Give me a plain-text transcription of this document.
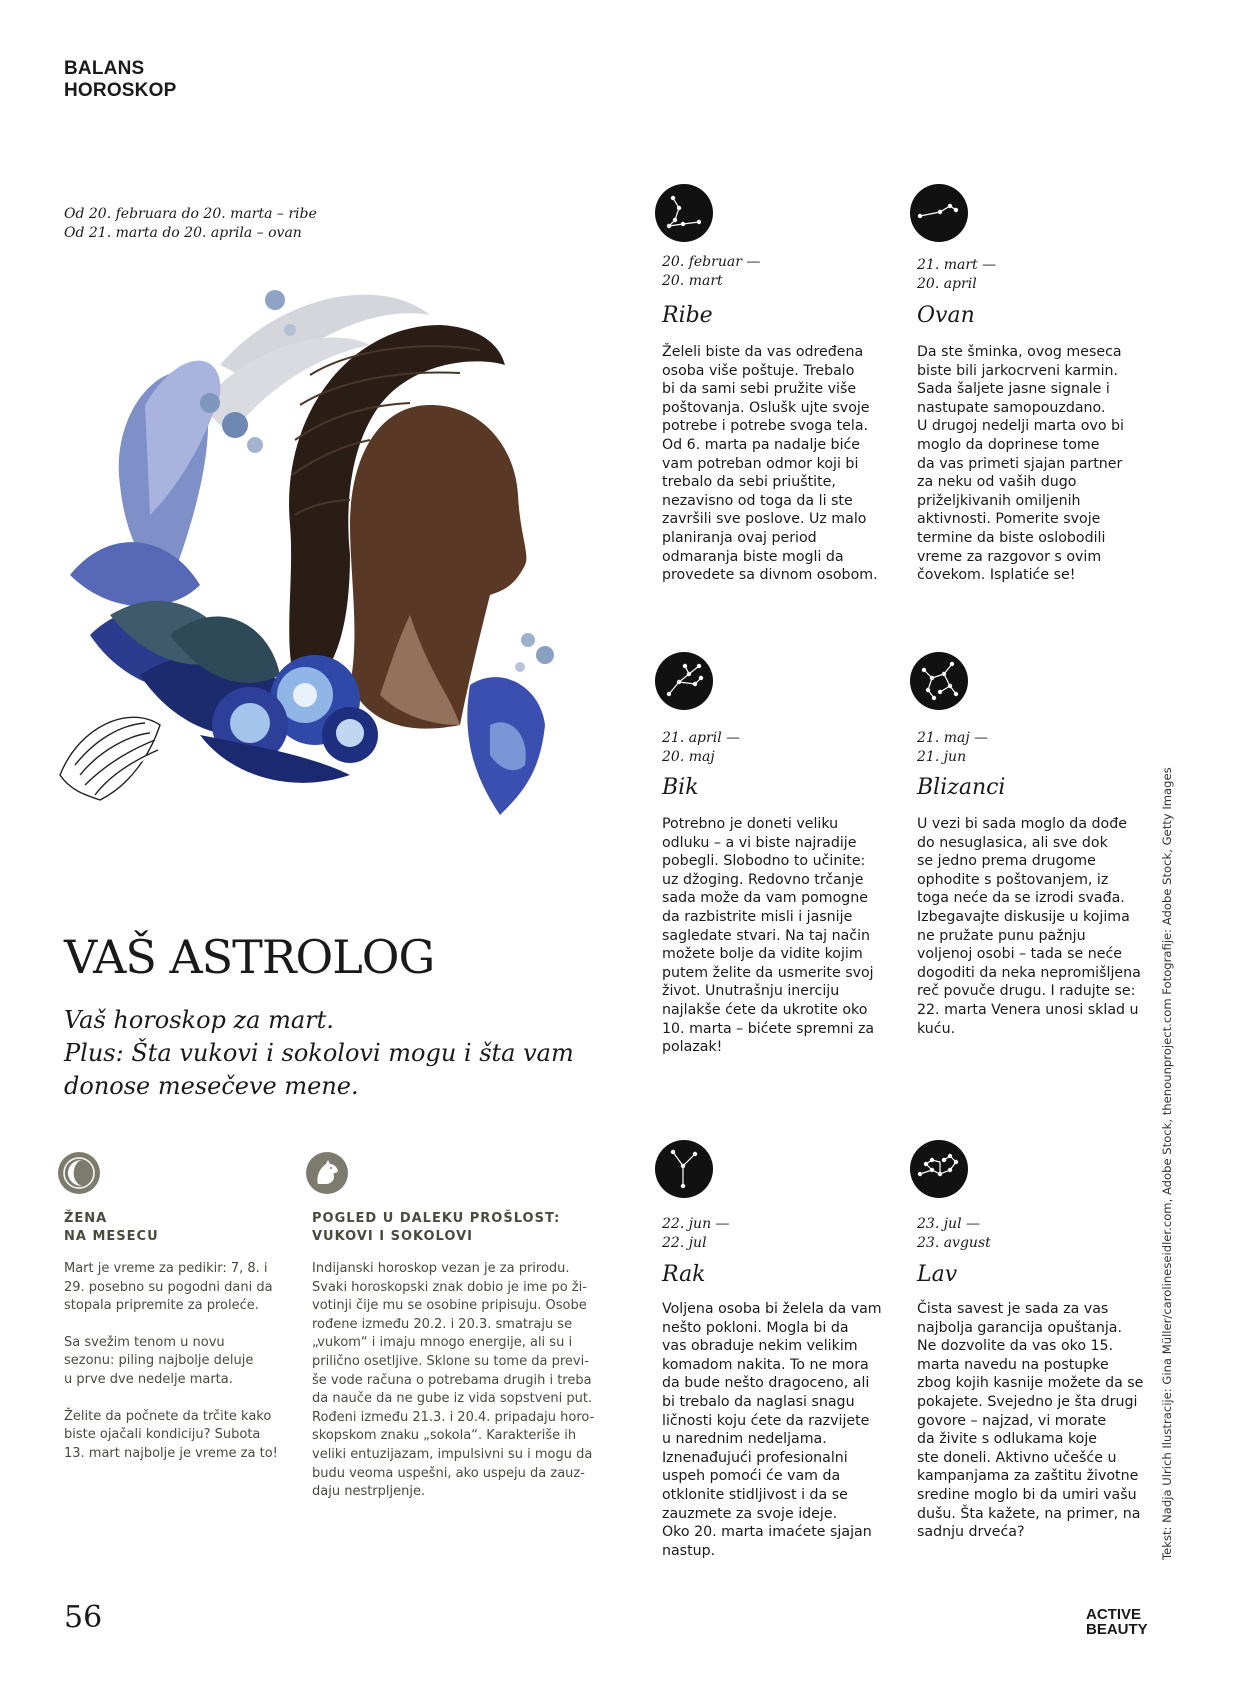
BALANS
HOROSKOP
Od 20. februara do 20. marta – ribe
Od 21. marta do 20. aprila – ovan
VAŠ ASTROLOG
Vaš horoskop za mart.
Plus: Šta vukovi i sokolovi mogu i šta vam
donose mesečeve mene.
ŽENA
NA MESECU

Mart je vreme za pedikir: 7, 8. i
29. posebno su pogodni dani da
stopala pripremite za proleće.

Sa svežim tenom u novu
sezonu: piling najbolje deluje
u prve dve nedelje marta.

Želite da počnete da trčite kako
biste ojačali kondiciju? Subota
13. mart najbolje je vreme za to!

POGLED U DALEKU PROŠLOST:
VUKOVI I SOKOLOVI

Indijanski horoskop vezan je za prirodu.
Svaki horoskopski znak dobio je ime po ži-
votinji čije mu se osobine pripisuju. Osobe
rođene između 20.2. i 20.3. smatraju se
„vukom“ i imaju mnogo energije, ali su i
prilično osetljive. Sklone su tome da previ-
še vode računa o potrebama drugih i treba
da nauče da ne gube iz vida sopstveni put.
Rođeni između 21.3. i 20.4. pripadaju horo-
skopskom znaku „sokola“. Karakteriše ih
veliki entuzijazam, impulsivni su i mogu da
budu veoma uspešni, ako uspeju da zauz-
daju nestrpljenje.

20. februar —
20. mart
Ribe
Želeli biste da vas određena
osoba više poštuje. Trebalo
bi da sami sebi pružite više
poštovanja. Oslušk ujte svoje
potrebe i potrebe svoga tela.
Od 6. marta pa nadalje biće
vam potreban odmor koji bi
trebalo da sebi priuštite,
nezavisno od toga da li ste
završili sve poslove. Uz malo
planiranja ovaj period
odmaranja biste mogli da
provedete sa divnom osobom.
21. mart —
20. april
Ovan
Da ste šminka, ovog meseca
biste bili jarkocrveni karmin.
Sada šaljete jasne signale i
nastupate samopouzdano.
U drugoj nedelji marta ovo bi
moglo da doprinese tome
da vas primeti sjajan partner
za neku od vaših dugo
priželjkivanih omiljenih
aktivnosti. Pomerite svoje
termine da biste oslobodili
vreme za razgovor s ovim
čovekom. Isplatiće se!
21. april —
20. maj
Bik
Potrebno je doneti veliku
odluku – a vi biste najradije
pobegli. Slobodno to učinite:
uz džoging. Redovno trčanje
sada može da vam pomogne
da razbistrite misli i jasnije
sagledate stvari. Na taj način
možete bolje da vidite kojim
putem želite da usmerite svoj
život. Unutrašnju inerciju
najlakše ćete da ukrotite oko
10. marta – bićete spremni za
polazak!
21. maj —
21. jun
Blizanci
U vezi bi sada moglo da dođe
do nesuglasica, ali sve dok
se jedno prema drugome
ophodite s poštovanjem, iz
toga neće da se izrodi svađa.
Izbegavajte diskusije u kojima
ne pružate punu pažnju
voljenoj osobi – tada se neće
dogoditi da neka nepromišljena
reč povuče drugu. I radujte se:
22. marta Venera unosi sklad u
kuću.
22. jun —
22. jul
Rak
Voljena osoba bi želela da vam
nešto pokloni. Mogla bi da
vas obraduje nekim velikim
komadom nakita. To ne mora
da bude nešto dragoceno, ali
bi trebalo da naglasi snagu
ličnosti koju ćete da razvijete
u narednim nedeljama.
Iznenađujući profesionalni
uspeh pomoći će vam da
otklonite stidljivost i da se
zauzmete za svoje ideje.
Oko 20. marta imaćete sjajan
nastup.
23. jul —
23. avgust
Lav
Čista savest je sada za vas
najbolja garancija opuštanja.
Ne dozvolite da vas oko 15.
marta navedu na postupke
zbog kojih kasnije možete da se
pokajete. Svejedno je šta drugi
govore – najzad, vi morate
da živite s odlukama koje
ste doneli. Aktivno učešće u
kampanjama za zaštitu životne
sredine moglo bi da umiri vašu
dušu. Šta kažete, na primer, na
sadnju drveća?	Tekst: Nadja Ulrich Ilustracije: Gina Müller/carolineseidler.com, Adobe Stock, thenounproject.com Fotografije: Adobe Stock, Getty Images
56	ACTIVE
BEAUTY
